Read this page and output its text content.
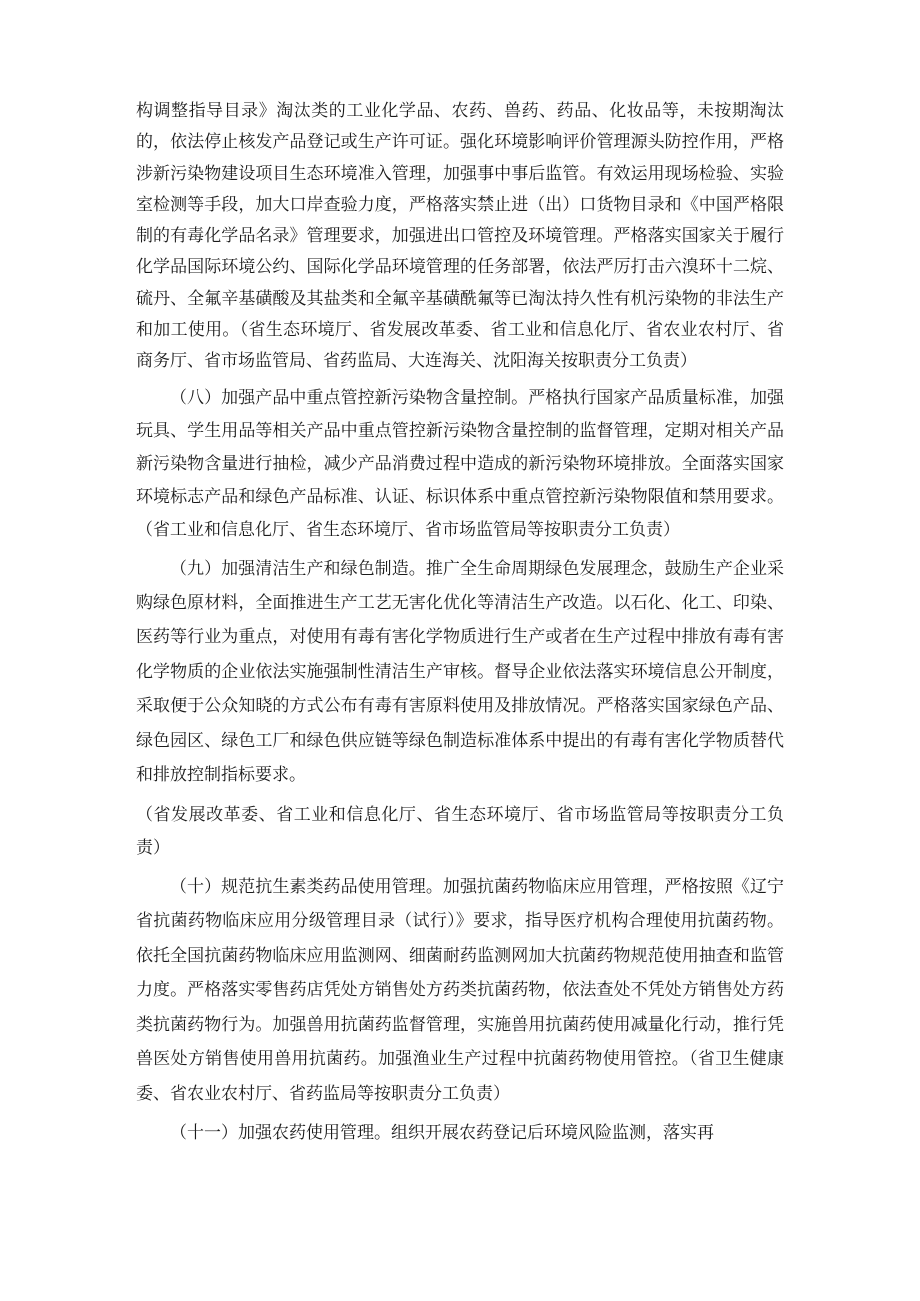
构调整指导目录》淘汰类的工业化学品、农药、兽药、药品、化妆品等，未按期淘汰的，依法停止核发产品登记或生产许可证。强化环境影响评价管理源头防控作用，严格涉新污染物建设项目生态环境准入管理，加强事中事后监管。有效运用现场检验、实验室检测等手段，加大口岸查验力度，严格落实禁止进（出）口货物目录和《中国严格限制的有毒化学品名录》管理要求，加强进出口管控及环境管理。严格落实国家关于履行化学品国际环境公约、国际化学品环境管理的任务部署，依法严厉打击六溴环十二烷、硫丹、全氟辛基磺酸及其盐类和全氟辛基磺酰氟等已淘汰持久性有机污染物的非法生产和加工使用。（省生态环境厅、省发展改革委、省工业和信息化厅、省农业农村厅、省商务厅、省市场监管局、省药监局、大连海关、沈阳海关按职责分工负责）

（八）加强产品中重点管控新污染物含量控制。严格执行国家产品质量标准，加强玩具、学生用品等相关产品中重点管控新污染物含量控制的监督管理，定期对相关产品新污染物含量进行抽检，减少产品消费过程中造成的新污染物环境排放。全面落实国家环境标志产品和绿色产品标准、认证、标识体系中重点管控新污染物限值和禁用要求。（省工业和信息化厅、省生态环境厅、省市场监管局等按职责分工负责）

（九）加强清洁生产和绿色制造。推广全生命周期绿色发展理念，鼓励生产企业采购绿色原材料，全面推进生产工艺无害化优化等清洁生产改造。以石化、化工、印染、医药等行业为重点，对使用有毒有害化学物质进行生产或者在生产过程中排放有毒有害化学物质的企业依法实施强制性清洁生产审核。督导企业依法落实环境信息公开制度，采取便于公众知晓的方式公布有毒有害原料使用及排放情况。严格落实国家绿色产品、绿色园区、绿色工厂和绿色供应链等绿色制造标准体系中提出的有毒有害化学物质替代和排放控制指标要求。

（省发展改革委、省工业和信息化厅、省生态环境厅、省市场监管局等按职责分工负责）

（十）规范抗生素类药品使用管理。加强抗菌药物临床应用管理，严格按照《辽宁省抗菌药物临床应用分级管理目录（试行）》要求，指导医疗机构合理使用抗菌药物。依托全国抗菌药物临床应用监测网、细菌耐药监测网加大抗菌药物规范使用抽查和监管力度。严格落实零售药店凭处方销售处方药类抗菌药物，依法查处不凭处方销售处方药类抗菌药物行为。加强兽用抗菌药监督管理，实施兽用抗菌药使用减量化行动，推行凭兽医处方销售使用兽用抗菌药。加强渔业生产过程中抗菌药物使用管控。（省卫生健康委、省农业农村厅、省药监局等按职责分工负责）

（十一）加强农药使用管理。组织开展农药登记后环境风险监测，落实再
